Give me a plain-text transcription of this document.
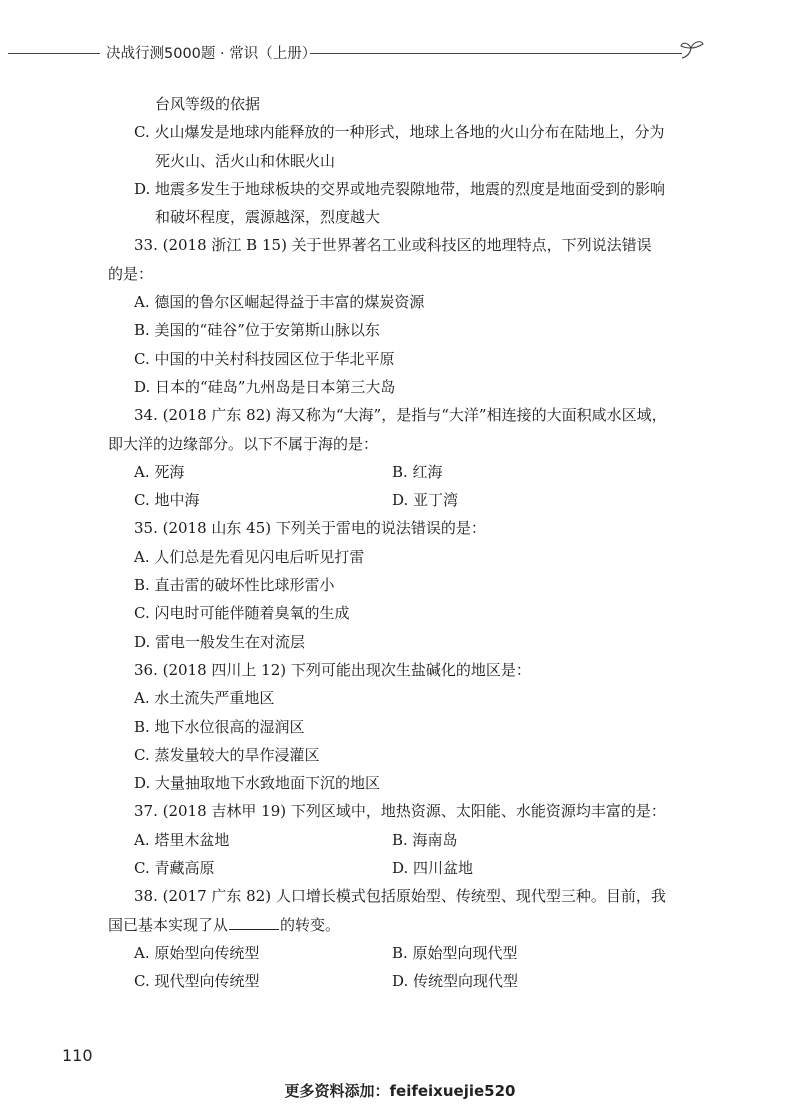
决战行测5000题 · 常识（上册）
台风等级的依据
C. 火山爆发是地球内能释放的一种形式，地球上各地的火山分布在陆地上，分为
死火山、活火山和休眠火山
D. 地震多发生于地球板块的交界或地壳裂隙地带，地震的烈度是地面受到的影响
和破坏程度，震源越深，烈度越大
33. (2018 浙江 B 15) 关于世界著名工业或科技区的地理特点，下列说法错误
的是：
A. 德国的鲁尔区崛起得益于丰富的煤炭资源
B. 美国的“硅谷”位于安第斯山脉以东
C. 中国的中关村科技园区位于华北平原
D. 日本的“硅岛”九州岛是日本第三大岛
34. (2018 广东 82) 海又称为“大海”，是指与“大洋”相连接的大面积咸水区域，
即大洋的边缘部分。以下不属于海的是：
A. 死海	B. 红海
C. 地中海	D. 亚丁湾
35. (2018 山东 45) 下列关于雷电的说法错误的是：
A. 人们总是先看见闪电后听见打雷
B. 直击雷的破坏性比球形雷小
C. 闪电时可能伴随着臭氧的生成
D. 雷电一般发生在对流层
36. (2018 四川上 12) 下列可能出现次生盐碱化的地区是：
A. 水土流失严重地区
B. 地下水位很高的湿润区
C. 蒸发量较大的旱作浸灌区
D. 大量抽取地下水致地面下沉的地区
37. (2018 吉林甲 19) 下列区域中，地热资源、太阳能、水能资源均丰富的是：
A. 塔里木盆地	B. 海南岛
C. 青藏高原	D. 四川盆地
38. (2017 广东 82) 人口增长模式包括原始型、传统型、现代型三种。目前，我
国已基本实现了从	的转变。
A. 原始型向传统型	B. 原始型向现代型
C. 现代型向传统型	D. 传统型向现代型
110
更多资料添加：feifeixuejie520
